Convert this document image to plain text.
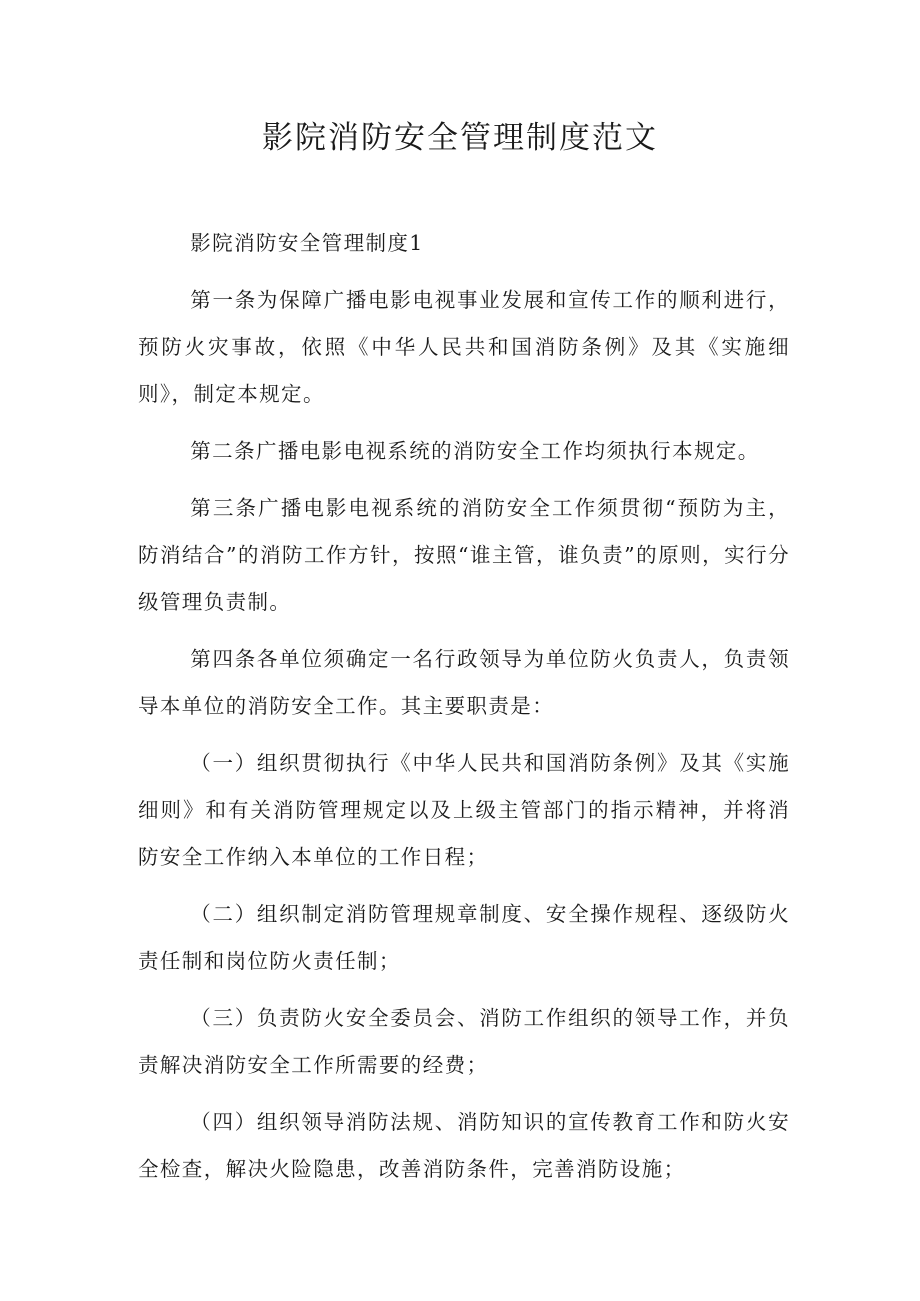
影院消防安全管理制度范文

影院消防安全管理制度1

第一条为保障广播电影电视事业发展和宣传工作的顺利进行，预防火灾事故，依照《中华人民共和国消防条例》及其《实施细则》，制定本规定。

第二条广播电影电视系统的消防安全工作均须执行本规定。

第三条广播电影电视系统的消防安全工作须贯彻“预防为主，防消结合”的消防工作方针，按照“谁主管，谁负责”的原则，实行分级管理负责制。

第四条各单位须确定一名行政领导为单位防火负责人，负责领导本单位的消防安全工作。其主要职责是：

（一）组织贯彻执行《中华人民共和国消防条例》及其《实施细则》和有关消防管理规定以及上级主管部门的指示精神，并将消防安全工作纳入本单位的工作日程；

（二）组织制定消防管理规章制度、安全操作规程、逐级防火责任制和岗位防火责任制；

（三）负责防火安全委员会、消防工作组织的领导工作，并负责解决消防安全工作所需要的经费；

（四）组织领导消防法规、消防知识的宣传教育工作和防火安全检查，解决火险隐患，改善消防条件，完善消防设施；
